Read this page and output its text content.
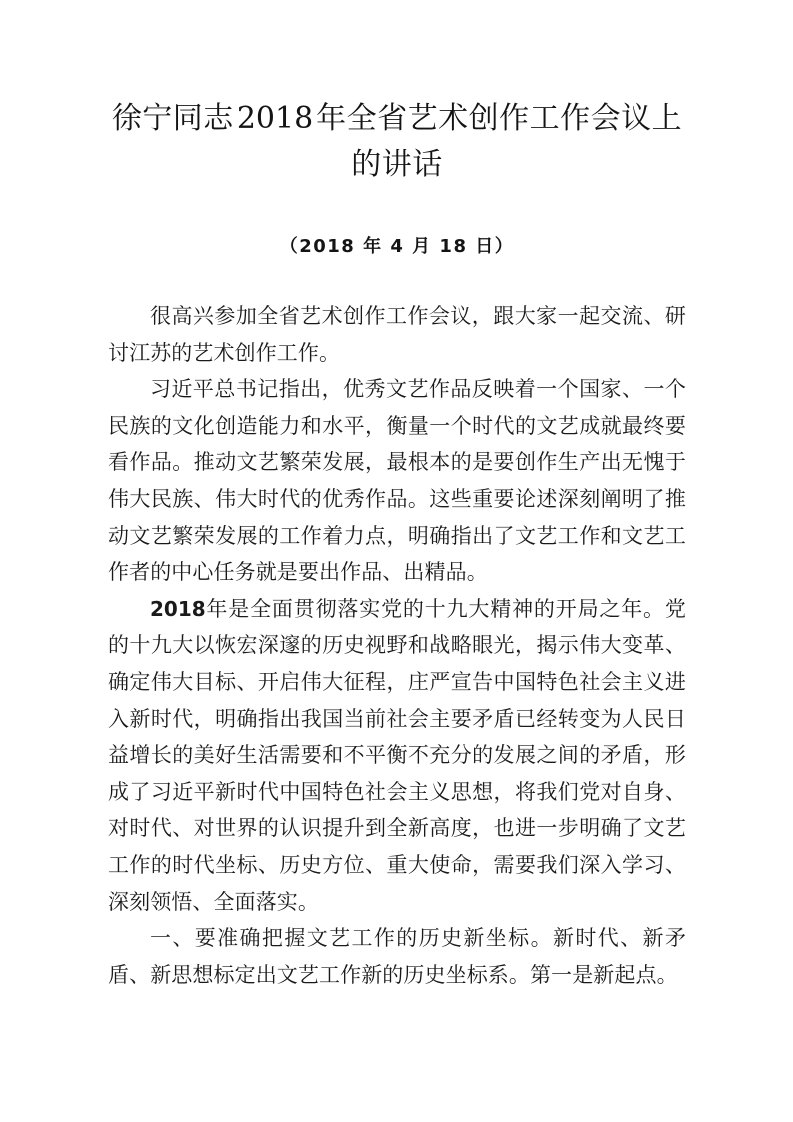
徐宁同志 2018 年全省艺术创作工作会议上的讲话
（2018 年 4 月 18 日）

很高兴参加全省艺术创作工作会议，跟大家一起交流、研讨江苏的艺术创作工作。

习近平总书记指出，优秀文艺作品反映着一个国家、一个民族的文化创造能力和水平，衡量一个时代的文艺成就最终要看作品。推动文艺繁荣发展，最根本的是要创作生产出无愧于伟大民族、伟大时代的优秀作品。这些重要论述深刻阐明了推动文艺繁荣发展的工作着力点，明确指出了文艺工作和文艺工作者的中心任务就是要出作品、出精品。

2018年是全面贯彻落实党的十九大精神的开局之年。党的十九大以恢宏深邃的历史视野和战略眼光，揭示伟大变革、确定伟大目标、开启伟大征程，庄严宣告中国特色社会主义进入新时代，明确指出我国当前社会主要矛盾已经转变为人民日益增长的美好生活需要和不平衡不充分的发展之间的矛盾，形成了习近平新时代中国特色社会主义思想，将我们党对自身、对时代、对世界的认识提升到全新高度，也进一步明确了文艺工作的时代坐标、历史方位、重大使命，需要我们深入学习、深刻领悟、全面落实。

一、要准确把握文艺工作的历史新坐标。新时代、新矛盾、新思想标定出文艺工作新的历史坐标系。第一是新起点。
